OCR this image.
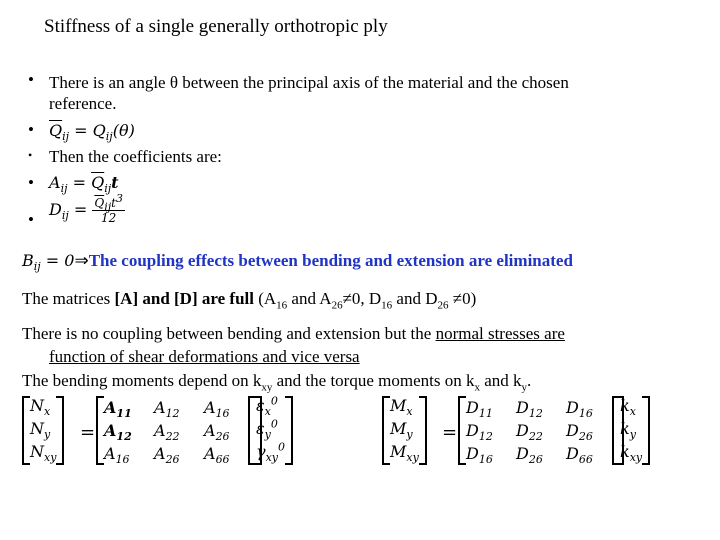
Stiffness of a single generally orthotropic ply
• There is an angle θ between the principal axis of the material and the chosen
reference.
• $\overline{Q}_{ij} = Q_{ij}(\theta)$
• Then the coefficients are:
• $A_{ij} = \overline{Q}_{ij}t$
•
$D_{ij} = \frac{\overline{Q}_{ij}t^3}{12}$
$B_{ij}$ = 0⇒The coupling effects between bending and extension are eliminated
The matrices [A] and [D] are full ($A_{16}$ and $A_{26}\ne 0$, $D_{16}$ and $D_{26} \ne 0$)
There is no coupling between bending and extension but the normal stresses are
function of shear deformations and vice versa
The bending moments depend on $k_{xy}$ and the torque moments on $k_x$ and $k_y$.
$N_x$
$N_y$
$N_{xy}$
=
$A_{11}$	$A_{12}$	$A_{16}$
$A_{12}$	$A_{22}$	$A_{26}$
$A_{16}$	$A_{26}$	$A_{66}$
$\varepsilon_x^0$
$\varepsilon_y^0$
$\gamma_{xy}^0$
$M_x$
$M_y$
$M_{xy}$
=
$D_{11}$	$D_{12}$	$D_{16}$
$D_{12}$	$D_{22}$	$D_{26}$
$D_{16}$	$D_{26}$	$D_{66}$
$k_x$
$k_y$
$k_{xy}$
